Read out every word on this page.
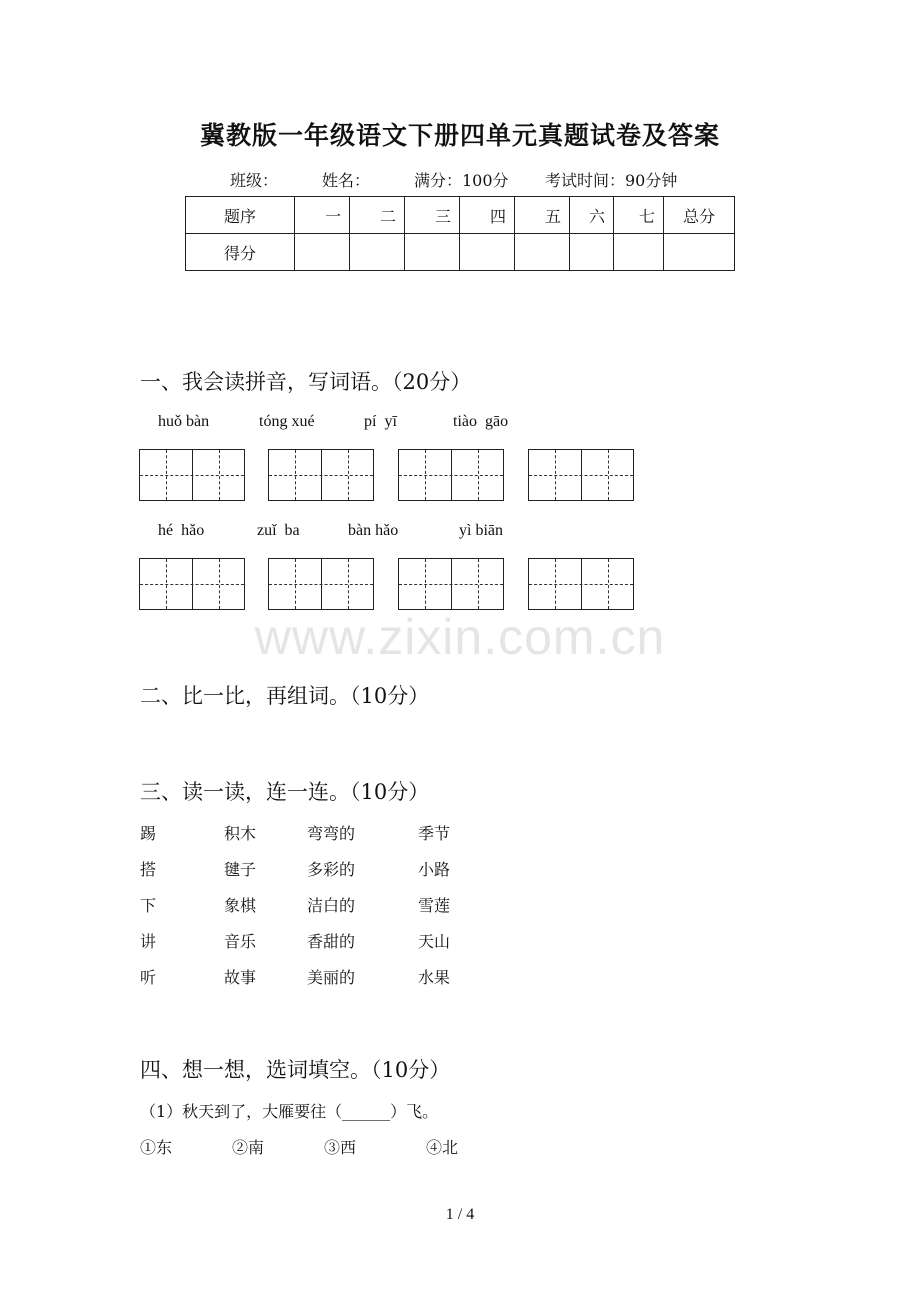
冀教版一年级语文下册四单元真题试卷及答案
班级：	姓名：	满分：100分 考试时间：90分钟
题序	一	二	三	四	五	六	七	总分
得分								
一、我会读拼音，写词语。（20分）
huǒ bàn	tóng xué	pí  yī	tiào  gāo
hé  hǎo	zuǐ  ba	bàn hǎo	yì biān
www.zixin.com.cn
二、比一比，再组词。（10分）
三、读一读，连一连。（10分）
踢	积木	弯弯的	季节
搭	毽子	多彩的	小路
下	象棋	洁白的	雪莲
讲	音乐	香甜的	天山
听	故事	美丽的	水果
四、想一想，选词填空。（10分）
（1）秋天到了，大雁要往（______）飞。
①东	②南	③西	④北
1 / 4
